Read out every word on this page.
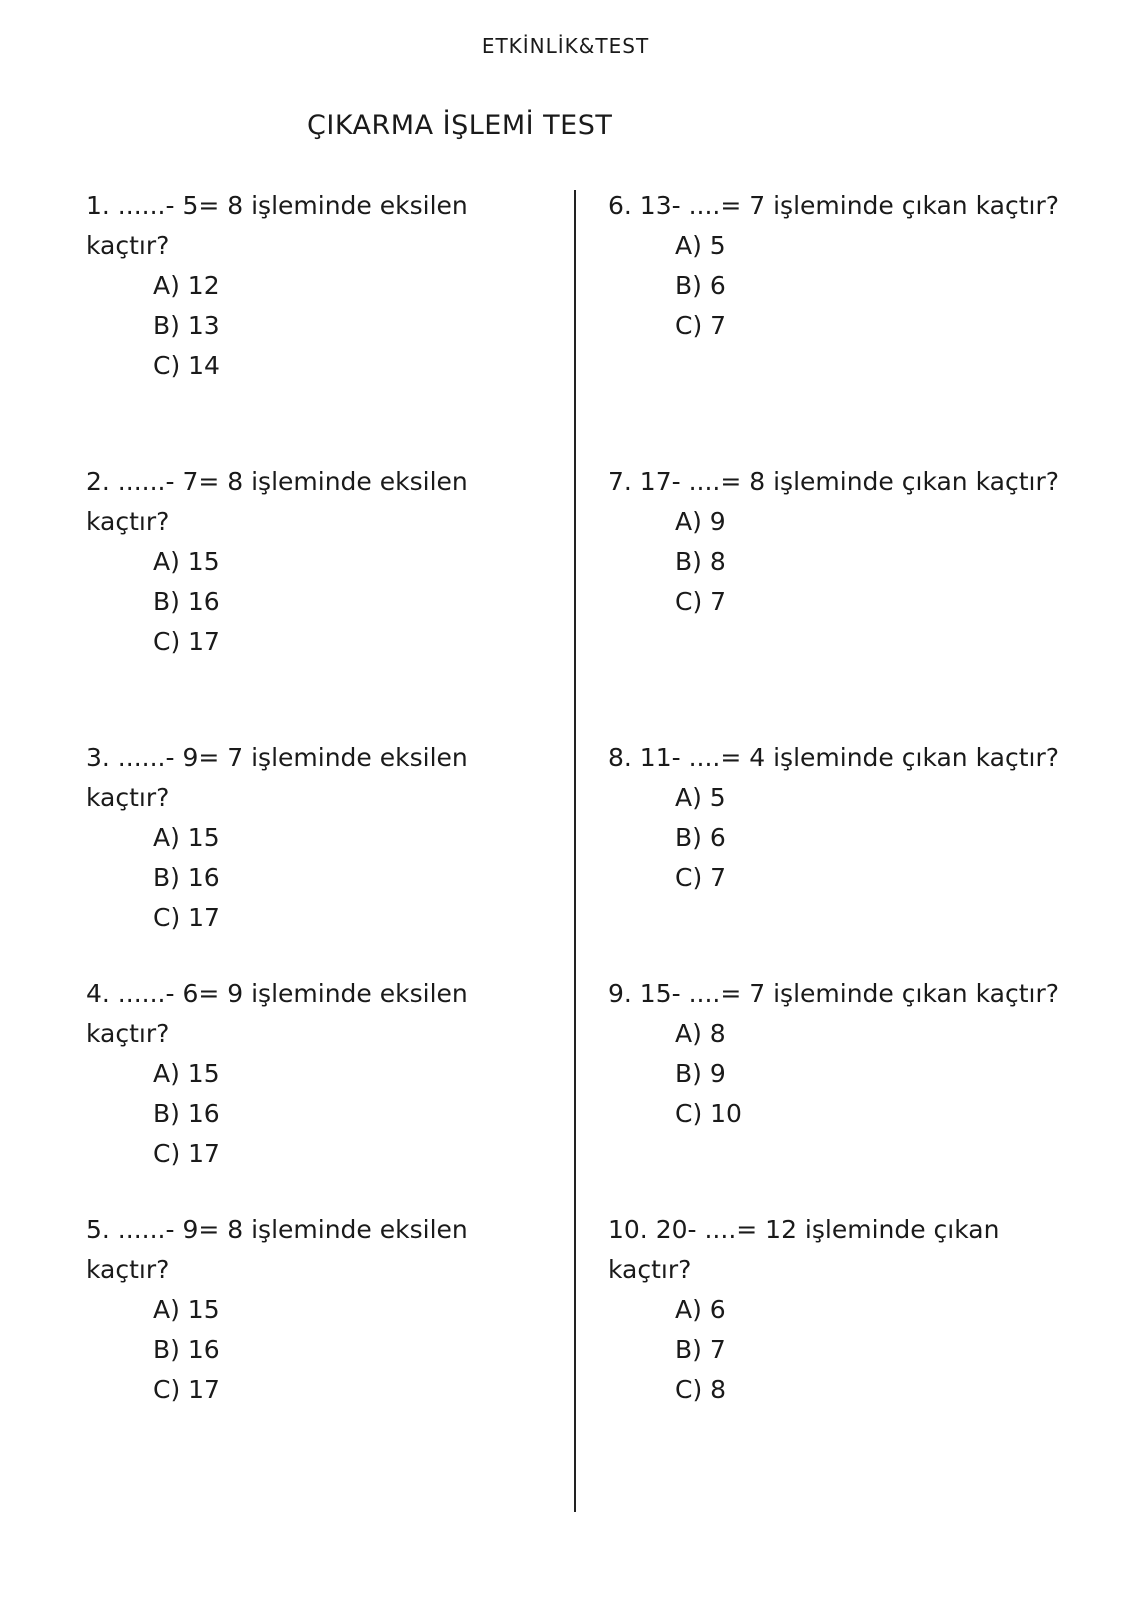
ETKİNLİK&TEST
ÇIKARMA İŞLEMİ TEST
1. ......- 5= 8 işleminde eksilen kaçtır?
A) 12
B) 13
C) 14
2. ......- 7= 8 işleminde eksilen kaçtır?
A) 15
B) 16
C) 17
3. ......- 9= 7 işleminde eksilen kaçtır?
A) 15
B) 16
C) 17
4. ......- 6= 9 işleminde eksilen kaçtır?
A) 15
B) 16
C) 17
5. ......- 9= 8 işleminde eksilen kaçtır?
A) 15
B) 16
C) 17
6. 13- ....= 7 işleminde çıkan kaçtır?
A) 5
B) 6
C) 7
7. 17- ....= 8 işleminde çıkan kaçtır?
A) 9
B) 8
C) 7
8. 11- ....= 4 işleminde çıkan kaçtır?
A) 5
B) 6
C) 7
9. 15- ....= 7 işleminde çıkan kaçtır?
A) 8
B) 9
C) 10
10. 20- ....= 12 işleminde çıkan kaçtır?
A) 6
B) 7
C) 8
